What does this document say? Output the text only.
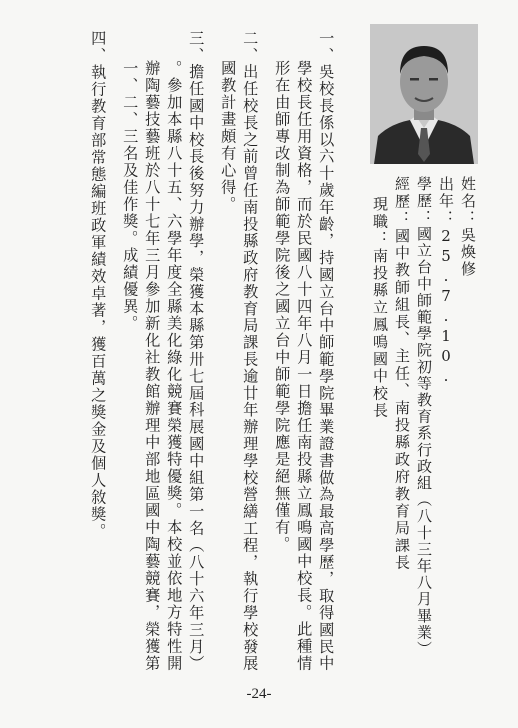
姓名：吳煥修
出年：25.7.10.
學歷：國立台中師範學院初等教育系行政組（八十三年八月畢業）
經歷：國中教師組長、主任、南投縣政府教育局課長
現職：南投縣立鳳鳴國中校長
一、吳校長係以六十歲年齡，持國立台中師範學院畢業證書做為最高學歷，取得國民中
學校長任用資格，而於民國八十四年八月一日擔任南投縣立鳳鳴國中校長。此種情
形在由師專改制為師範學院後之國立台中師範學院應是絕無僅有。
二、出任校長之前曾任南投縣政府教育局課長逾廿年辦理學校營繕工程，執行學校發展
國教計畫頗有心得。
三、擔任國中校長後努力辦學，榮獲本縣第卅七屆科展國中組第一名（八十六年三月）
。參加本縣八十五、六學年度全縣美化綠化競賽榮獲特優獎。本校並依地方特性開
辦陶藝技藝班於八十七年三月參加新化社教館辦理中部地區國中陶藝競賽，榮獲第
一、二、三名及佳作獎。成績優異。
四、執行教育部常態編班政軍績效卓著，獲百萬之獎金及個人敘獎。
-24-
